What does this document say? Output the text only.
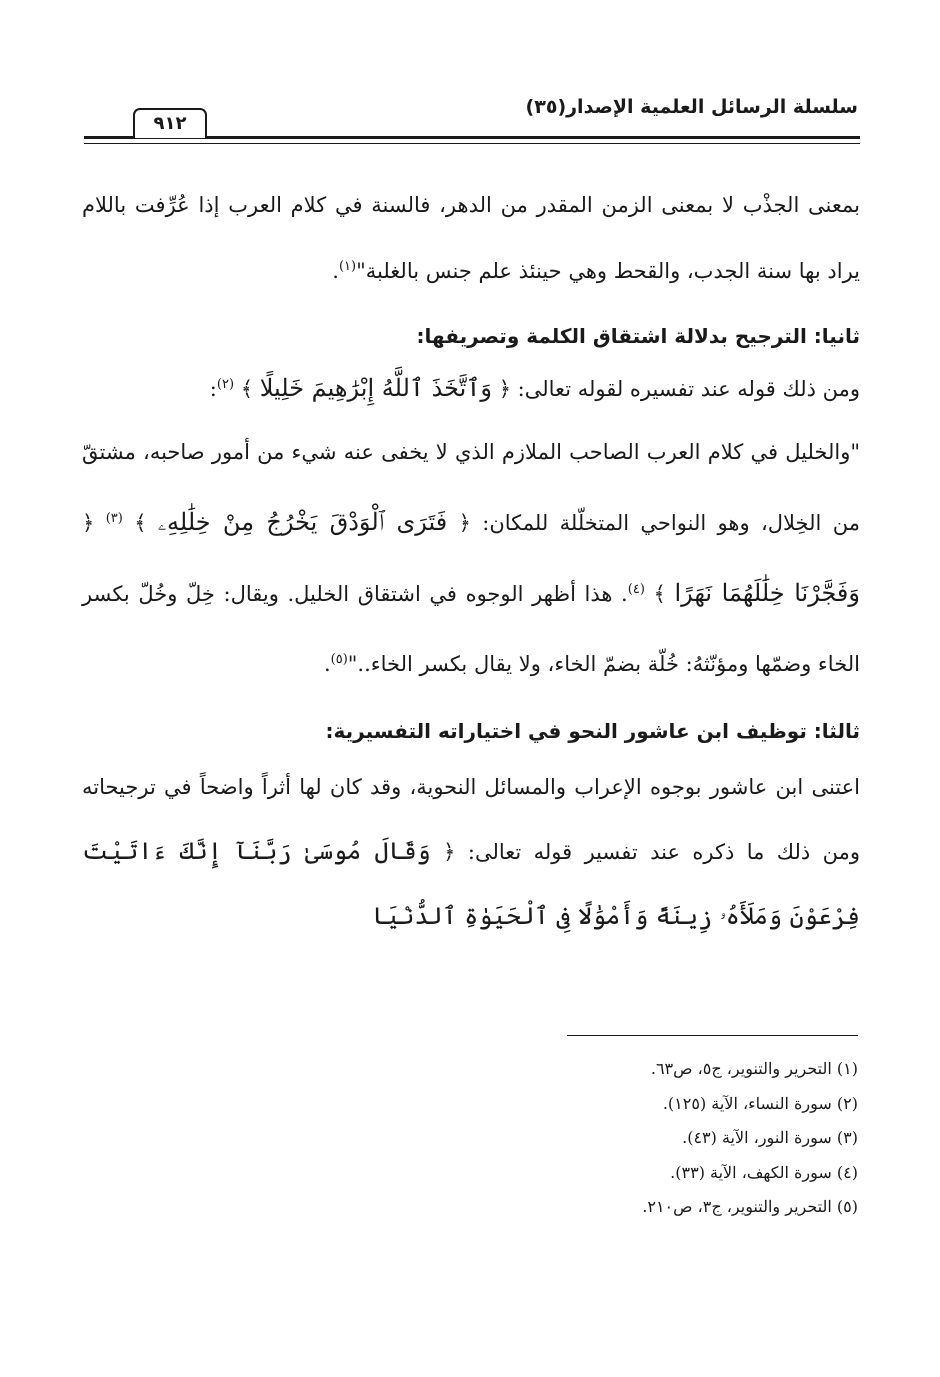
سلسلة الرسائل العلمية الإصدار(٣٥)
٩١٢

بمعنى الجذْب لا بمعنى الزمن المقدر من الدهر، فالسنة في كلام العرب إذا عُرِّفت باللام يراد بها سنة الجدب، والقحط وهي حينئذ علم جنس بالغلبة"$^{(١)}$.

ثانيا: الترجيح بدلالة اشتقاق الكلمة وتصريفها:

ومن ذلك قوله عند تفسيره لقوله تعالى: ﴿ وَٱتَّخَذَ ٱللَّهُ إِبْرَٰهِيمَ خَلِيلًا ﴾ $^{(٢)}$:

"والخليل في كلام العرب الصاحب الملازم الذي لا يخفى عنه شيء من أمور صاحبه، مشتقّ من الخِلال، وهو النواحي المتخلّلة للمكان: ﴿ فَتَرَى ٱلْوَدْقَ يَخْرُجُ مِنْ خِلَٰلِهِۦ ﴾ $^{(٣)}$ ﴿ وَفَجَّرْنَا خِلَٰلَهُمَا نَهَرًا ﴾ $^{(٤)}$. هذا أظهر الوجوه في اشتقاق الخليل. ويقال: خِلّ وخُلّ بكسر الخاء وضمّها ومؤنّثهُ: خُلّة بضمّ الخاء، ولا يقال بكسر الخاء.."$^{(٥)}$.

ثالثا: توظيف ابن عاشور النحو في اختياراته التفسيرية:

اعتنى ابن عاشور بوجوه الإعراب والمسائل النحوية، وقد كان لها أثراً واضحاً في ترجيحاته ومن ذلك ما ذكره عند تفسير قوله تعالى: ﴿ وَقَالَ مُوسَىٰ رَبَّنَآ إِنَّكَ ءَاتَيْتَ فِرْعَوْنَ وَمَلَأَهُۥ زِينَةً وَأَمْوَٰلًا فِى ٱلْحَيَوٰةِ ٱلدُّنْيَا

(١) التحرير والتنوير، ج٥، ص٦٣.
(٢) سورة النساء، الآية (١٢٥).
(٣) سورة النور، الآية (٤٣).
(٤) سورة الكهف، الآية (٣٣).
(٥) التحرير والتنوير، ج٣، ص٢١٠.
